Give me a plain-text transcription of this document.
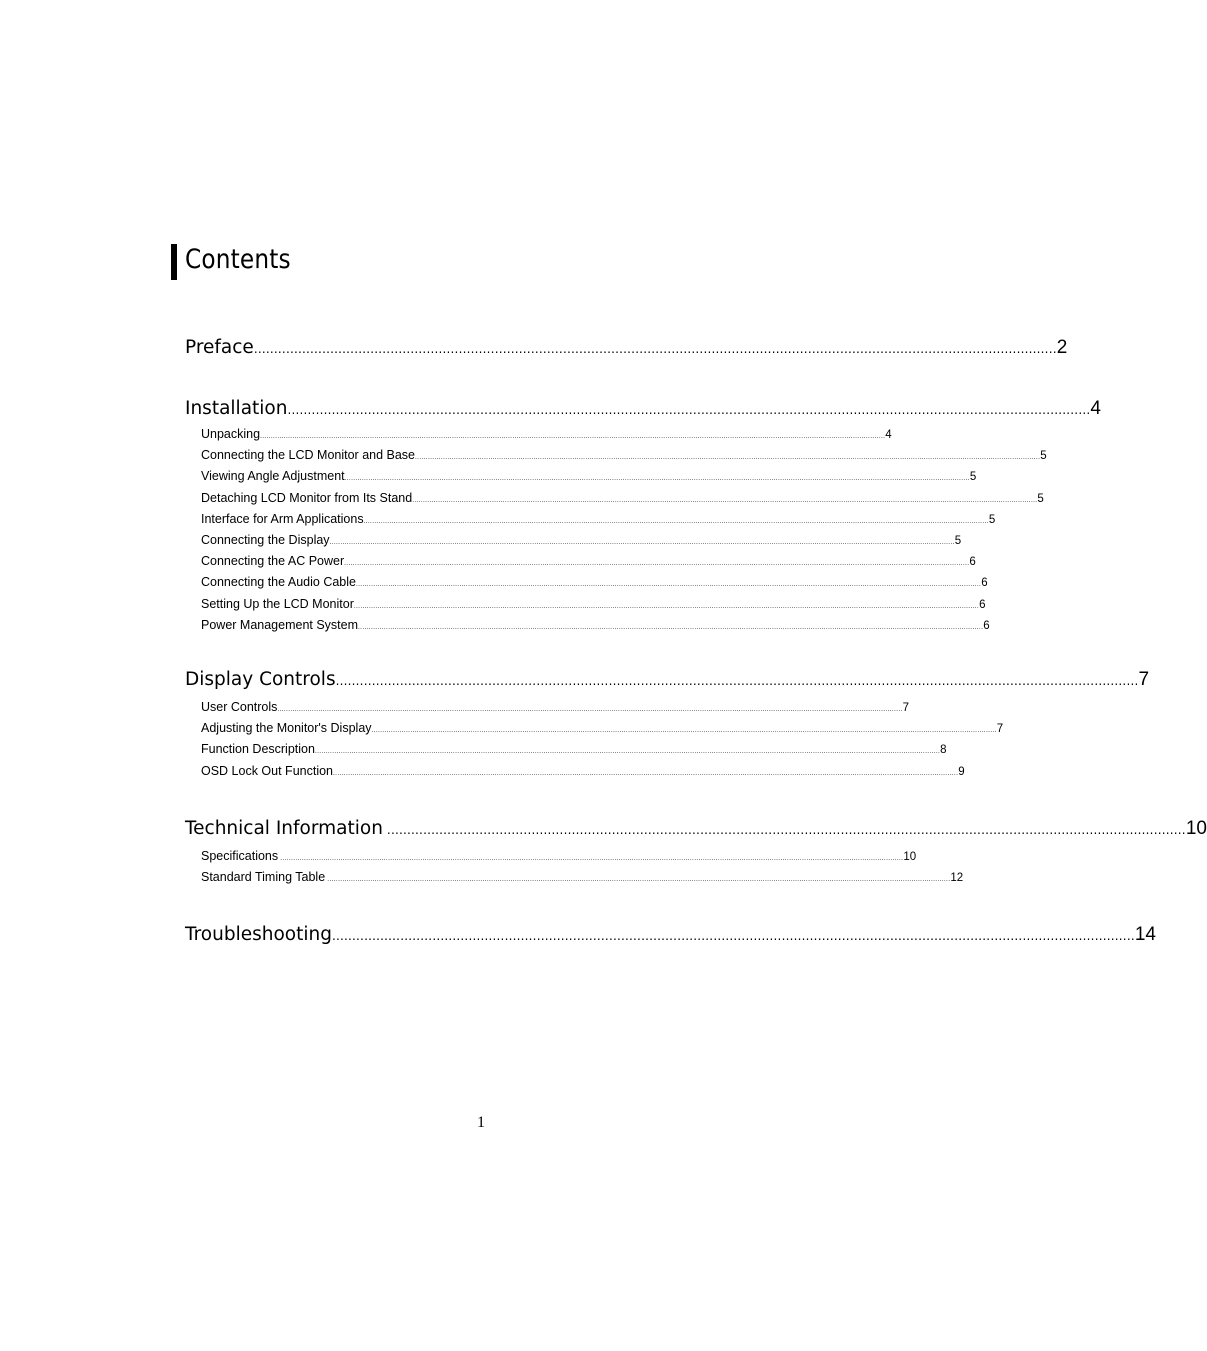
Contents
Preface ........................................................................................................................................................................................................ 2
Installation ........................................................................................................................................................................................................ 4
Unpacking .................................................................................................................................................................................................................................................................................................. 4
Connecting the LCD Monitor and Base .................................................................................................................................................................................................................................................................................................. 5
Viewing Angle Adjustment .................................................................................................................................................................................................................................................................................................. 5
Detaching LCD Monitor from Its Stand .................................................................................................................................................................................................................................................................................................. 5
Interface for Arm Applications .................................................................................................................................................................................................................................................................................................. 5
Connecting the Display .................................................................................................................................................................................................................................................................................................. 5
Connecting the AC Power .................................................................................................................................................................................................................................................................................................. 6
Connecting the Audio Cable .................................................................................................................................................................................................................................................................................................. 6
Setting Up the LCD Monitor .................................................................................................................................................................................................................................................................................................. 6
Power Management System .................................................................................................................................................................................................................................................................................................. 6
Display Controls ........................................................................................................................................................................................................ 7
User Controls .................................................................................................................................................................................................................................................................................................. 7
Adjusting the Monitor's Display .................................................................................................................................................................................................................................................................................................. 7
Function Description .................................................................................................................................................................................................................................................................................................. 8
OSD Lock Out Function .................................................................................................................................................................................................................................................................................................. 9
Technical Information ....................................................................................................................................................................................................... 10
Specifications ................................................................................................................................................................................................................................................................................................. 10
Standard Timing Table ................................................................................................................................................................................................................................................................................................. 12
Troubleshooting ........................................................................................................................................................................................................ 14
1
